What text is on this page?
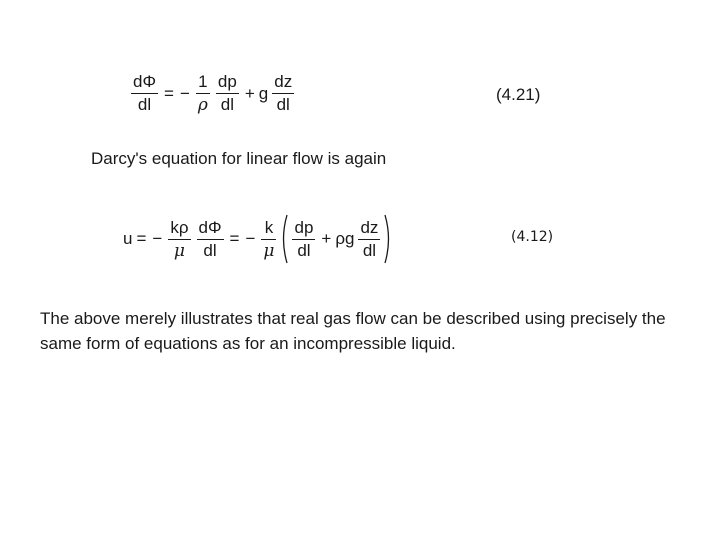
$\frac{d\Phi}{dl}$ = − $\frac{1}{\rho} \frac{dp}{dl} + g \frac{dz}{dl}$	(4.21)
Darcy's equation for linear flow is again
u = − $\frac{k\rho}{\mu} \frac{d\Phi}{dl}$ = − $\frac{k}{\mu} \frac{dp}{dl} + \rho g \frac{dz}{dl}$	(4.12)
The above merely illustrates that real gas flow can be described using precisely the
same form of equations as for an incompressible liquid.
